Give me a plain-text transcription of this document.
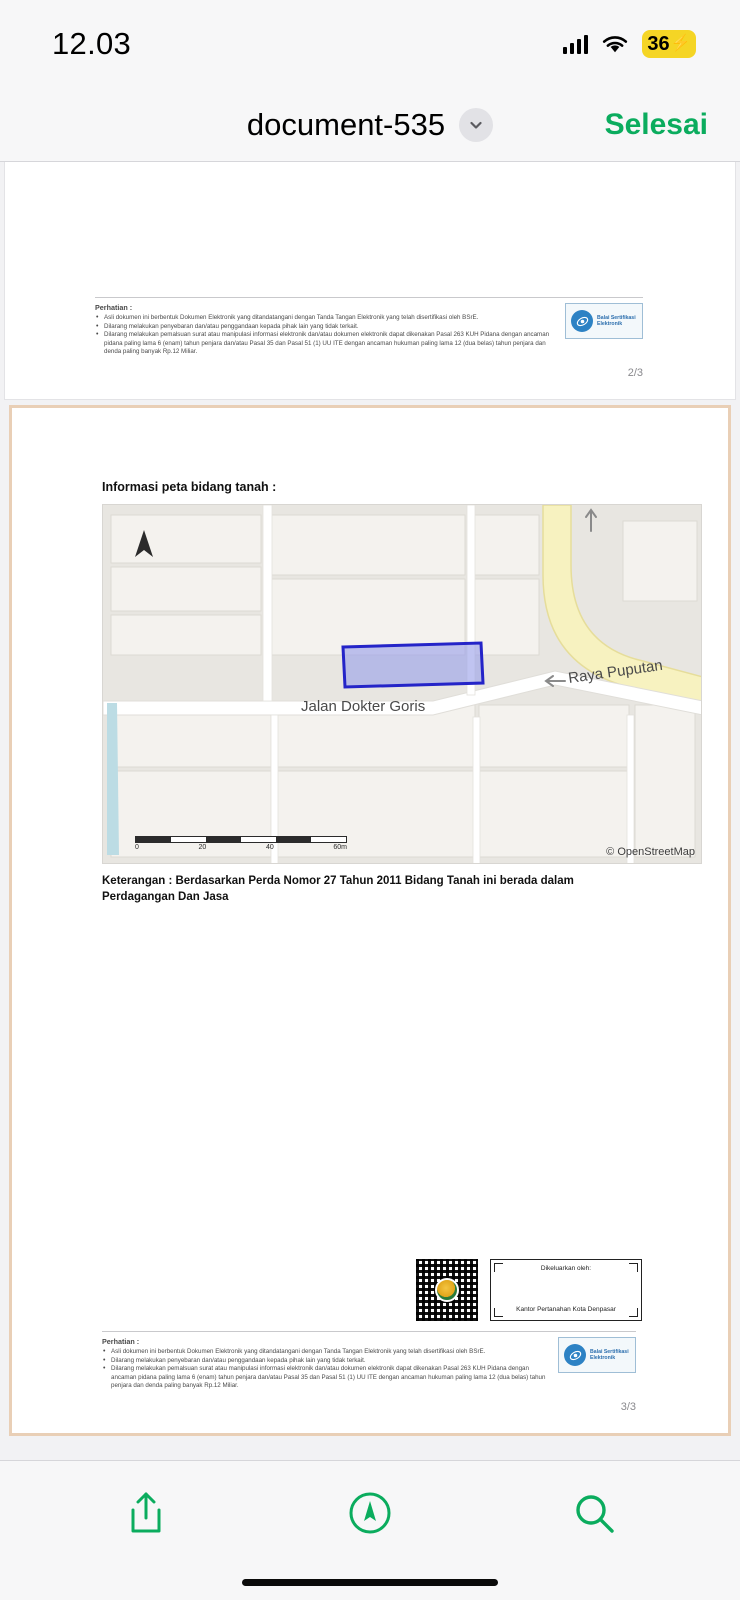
12.03	36 ⚡
document-535	Selesai
Perhatian :
• Asli dokumen ini berbentuk Dokumen Elektronik yang ditandatangani dengan Tanda Tangan Elektronik yang telah disertifikasi oleh BSrE.
• Dilarang melakukan penyebaran dan/atau penggandaan kepada pihak lain yang tidak terkait.
• Dilarang melakukan pemalsuan surat atau manipulasi informasi elektronik dan/atau dokumen elektronik dapat dikenakan Pasal 263 KUH Pidana dengan ancaman pidana paling lama 6 (enam) tahun penjara dan/atau Pasal 35 dan Pasal 51 (1) UU ITE dengan ancaman hukuman paling lama 12 (dua belas) tahun penjara dan denda paling banyak Rp.12 Miliar.
Balai Sertifikasi Elektronik
2/3
Informasi peta bidang tanah :
Jalan Dokter Goris
Raya Puputan
0	20	40	60m	© OpenStreetMap
Keterangan : Berdasarkan Perda Nomor 27 Tahun 2011 Bidang Tanah ini berada dalam Perdagangan Dan Jasa
Dikeluarkan oleh:
Kantor Pertanahan Kota Denpasar
Perhatian :
• Asli dokumen ini berbentuk Dokumen Elektronik yang ditandatangani dengan Tanda Tangan Elektronik yang telah disertifikasi oleh BSrE.
• Dilarang melakukan penyebaran dan/atau penggandaan kepada pihak lain yang tidak terkait.
• Dilarang melakukan pemalsuan surat atau manipulasi informasi elektronik dan/atau dokumen elektronik dapat dikenakan Pasal 263 KUH Pidana dengan ancaman pidana paling lama 6 (enam) tahun penjara dan/atau Pasal 35 dan Pasal 51 (1) UU ITE dengan ancaman hukuman paling lama 12 (dua belas) tahun penjara dan denda paling banyak Rp.12 Miliar.
Balai Sertifikasi Elektronik
3/3
